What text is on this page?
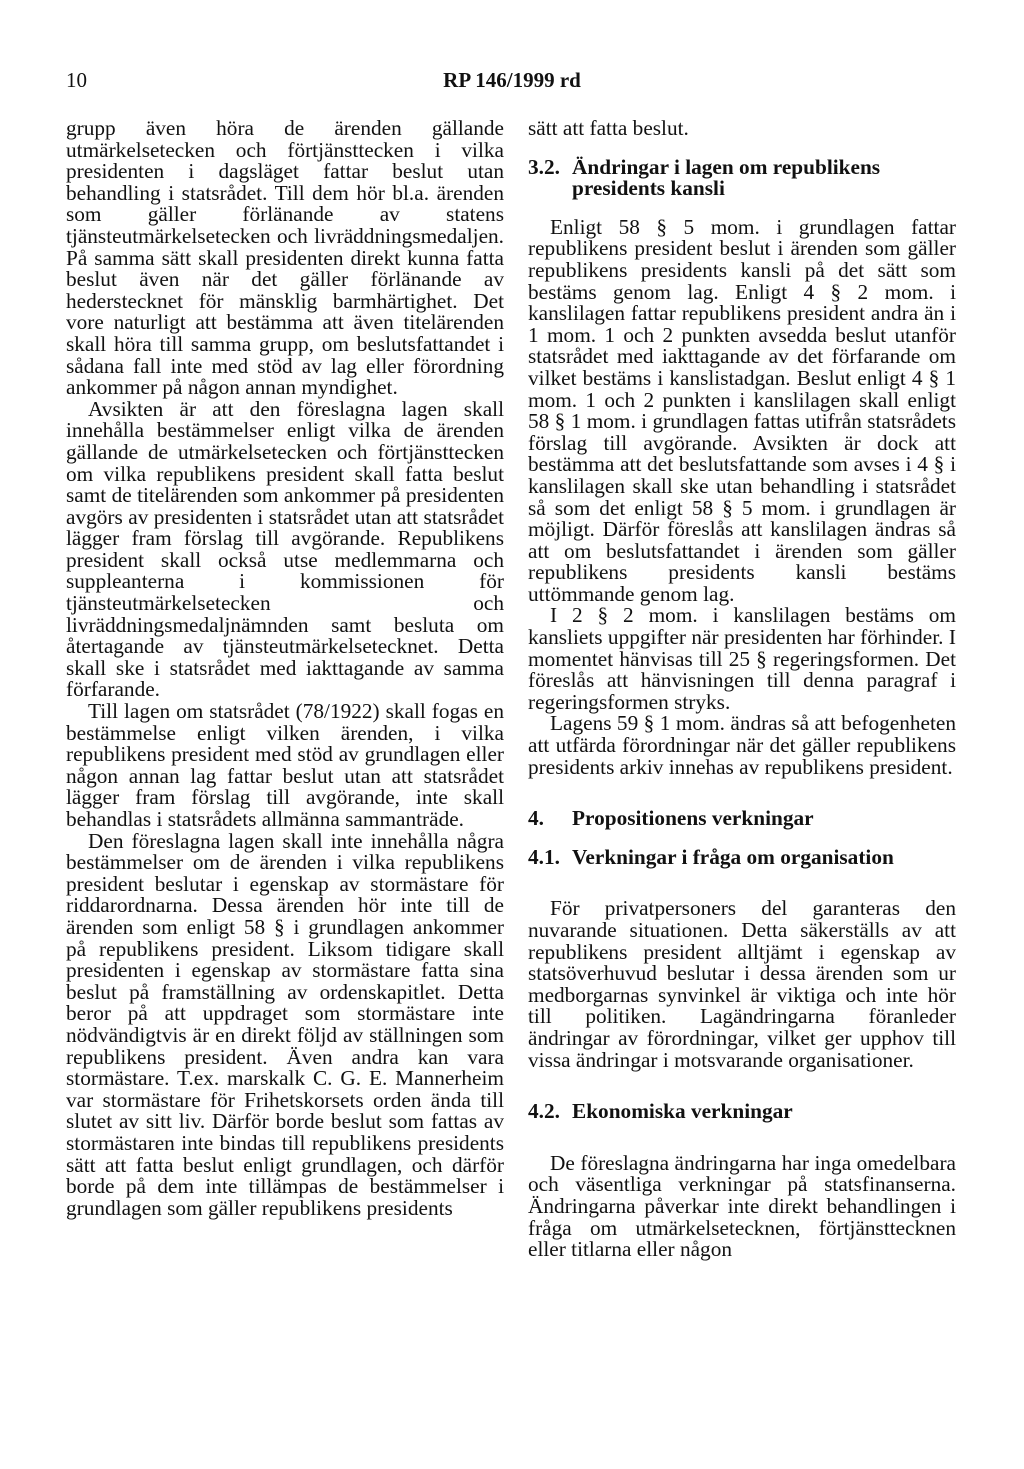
10	RP 146/1999 rd

grupp även höra de ärenden gällande utmärkelsetecken och förtjänsttecken i vilka presidenten i dagsläget fattar beslut utan behandling i statsrådet. Till dem hör bl.a. ärenden som gäller förlänande av statens tjänsteutmärkelsetecken och livräddningsmedaljen. På samma sätt skall presidenten direkt kunna fatta beslut även när det gäller förlänande av hederstecknet för mänsklig barmhärtighet. Det vore naturligt att bestämma att även titelärenden skall höra till samma grupp, om beslutsfattandet i sådana fall inte med stöd av lag eller förordning ankommer på någon annan myndighet.

Avsikten är att den föreslagna lagen skall innehålla bestämmelser enligt vilka de ärenden gällande de utmärkelsetecken och förtjänsttecken om vilka republikens president skall fatta beslut samt de titelärenden som ankommer på presidenten avgörs av presidenten i statsrådet utan att statsrådet lägger fram förslag till avgörande. Republikens president skall också utse medlemmarna och suppleanterna i kommissionen för tjänsteutmärkelsetecken och livräddningsmedaljnämnden samt besluta om återtagande av tjänsteutmärkelsetecknet. Detta skall ske i statsrådet med iakttagande av samma förfarande.

Till lagen om statsrådet (78/1922) skall fogas en bestämmelse enligt vilken ärenden, i vilka republikens president med stöd av grundlagen eller någon annan lag fattar beslut utan att statsrådet lägger fram förslag till avgörande, inte skall behandlas i statsrådets allmänna sammanträde.

Den föreslagna lagen skall inte innehålla några bestämmelser om de ärenden i vilka republikens president beslutar i egenskap av stormästare för riddarordnarna. Dessa ärenden hör inte till de ärenden som enligt 58 § i grundlagen ankommer på republikens president. Liksom tidigare skall presidenten i egenskap av stormästare fatta sina beslut på framställning av ordenskapitlet. Detta beror på att uppdraget som stormästare inte nödvändigtvis är en direkt följd av ställningen som republikens president. Även andra kan vara stormästare. T.ex. marskalk C. G. E. Mannerheim var stormästare för Frihetskorsets orden ända till slutet av sitt liv. Därför borde beslut som fattas av stormästaren inte bindas till republikens presidents sätt att fatta beslut enligt grundlagen, och därför borde på dem inte tillämpas de bestämmelser i grundlagen som gäller republikens presidents

sätt att fatta beslut.

3.2. Ändringar i lagen om republikens presidents kansli

Enligt 58 § 5 mom. i grundlagen fattar republikens president beslut i ärenden som gäller republikens presidents kansli på det sätt som bestäms genom lag. Enligt 4 § 2 mom. i kanslilagen fattar republikens president andra än i 1 mom. 1 och 2 punkten avsedda beslut utanför statsrådet med iakttagande av det förfarande om vilket bestäms i kanslistadgan. Beslut enligt 4 § 1 mom. 1 och 2 punkten i kanslilagen skall enligt 58 § 1 mom. i grundlagen fattas utifrån statsrådets förslag till avgörande. Avsikten är dock att bestämma att det beslutsfattande som avses i 4 § i kanslilagen skall ske utan behandling i statsrådet så som det enligt 58 § 5 mom. i grundlagen är möjligt. Därför föreslås att kanslilagen ändras så att om beslutsfattandet i ärenden som gäller republikens presidents kansli bestäms uttömmande genom lag.

I 2 § 2 mom. i kanslilagen bestäms om kansliets uppgifter när presidenten har förhinder. I momentet hänvisas till 25 § regeringsformen. Det föreslås att hänvisningen till denna paragraf i regeringsformen stryks.

Lagens 59 § 1 mom. ändras så att befogenheten att utfärda förordningar när det gäller republikens presidents arkiv innehas av republikens president.

4.	Propositionens verkningar
4.1. Verkningar i fråga om organisation

För privatpersoners del garanteras den nuvarande situationen. Detta säkerställs av att republikens president alltjämt i egenskap av statsöverhuvud beslutar i dessa ärenden som ur medborgarnas synvinkel är viktiga och inte hör till politiken. Lagändringarna föranleder ändringar av förordningar, vilket ger upphov till vissa ändringar i motsvarande organisationer.

4.2. Ekonomiska verkningar

De föreslagna ändringarna har inga omedelbara och väsentliga verkningar på statsfinanserna. Ändringarna påverkar inte direkt behandlingen i fråga om utmärkelsetecknen, förtjänsttecknen eller titlarna eller någon
